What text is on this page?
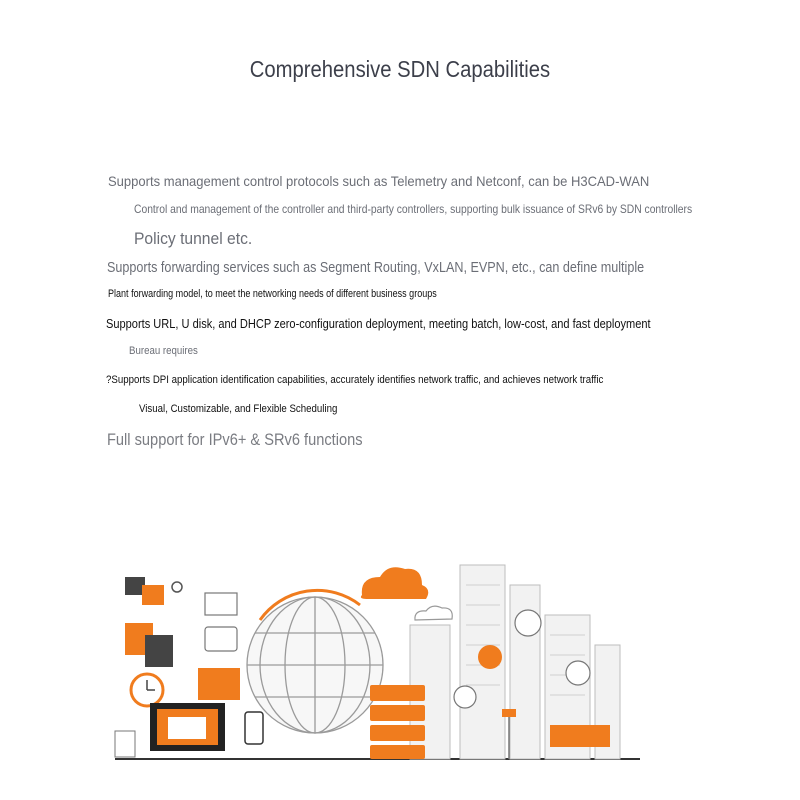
Comprehensive SDN Capabilities
Supports management control protocols such as Telemetry and Netconf, can be H3CAD-WAN
Control and management of the controller and third-party controllers, supporting bulk issuance of SRv6 by SDN controllers
Policy tunnel etc.
Supports forwarding services such as Segment Routing, VxLAN, EVPN, etc., can define multiple
Plant forwarding model, to meet the networking needs of different business groups
Supports URL, U disk, and DHCP zero-configuration deployment, meeting batch, low-cost, and fast deployment
Bureau requires
?Supports DPI application identification capabilities, accurately identifies network traffic, and achieves network traffic
Visual, Customizable, and Flexible Scheduling
Full support for IPv6+ & SRv6 functions
